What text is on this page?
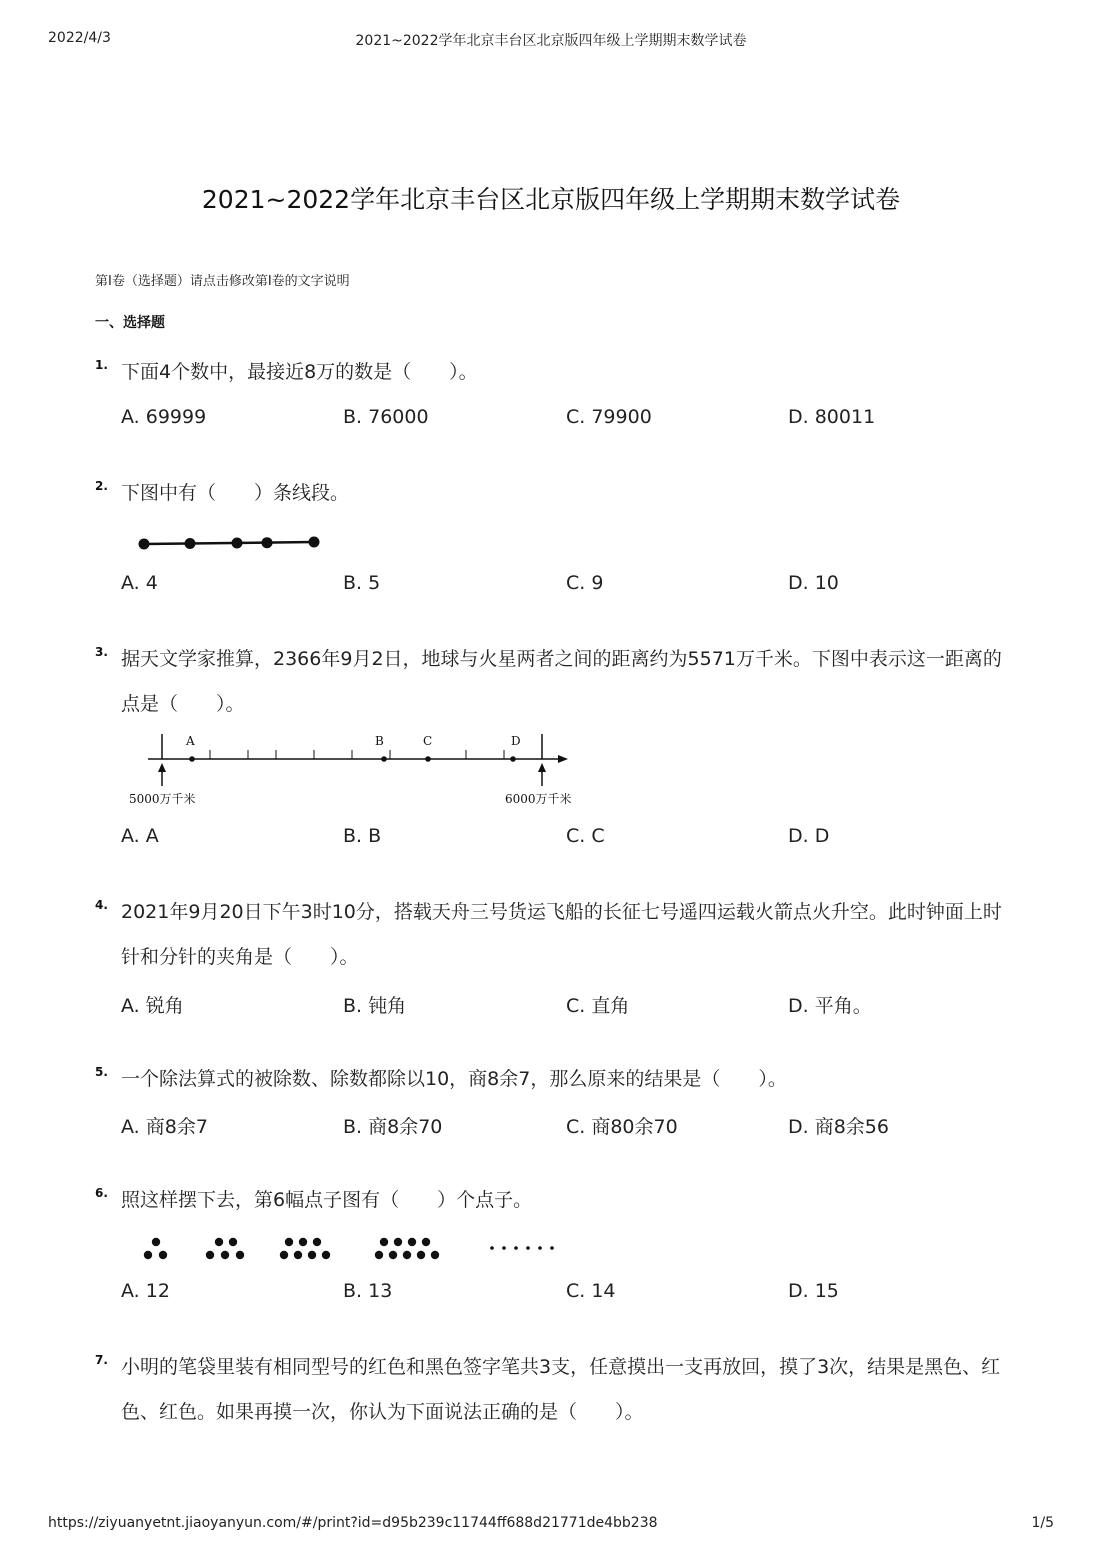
2022/4/3	2021~2022学年北京丰台区北京版四年级上学期期末数学试卷
2021~2022学年北京丰台区北京版四年级上学期期末数学试卷
第Ⅰ卷（选择题）请点击修改第Ⅰ卷的文字说明
一、选择题
1. 下面4个数中，最接近8万的数是（　　）。
A. 69999	B. 76000	C. 79900	D. 80011
2. 下图中有（　　）条线段。
A. 4	B. 5	C. 9	D. 10
3. 据天文学家推算，2366年9月2日，地球与火星两者之间的距离约为5571万千米。下图中表示这一距离的点是（　　）。
A	B	C	D
5000万千米	6000万千米
A. A	B. B	C. C	D. D
4. 2021年9月20日下午3时10分，搭载天舟三号货运飞船的长征七号遥四运载火箭点火升空。此时钟面上时针和分针的夹角是（　　）。
A. 锐角	B. 钝角	C. 直角	D. 平角。
5. 一个除法算式的被除数、除数都除以10，商8余7，那么原来的结果是（　　）。
A. 商8余7	B. 商8余70	C. 商80余70	D. 商8余56
6. 照这样摆下去，第6幅点子图有（　　）个点子。
A. 12	B. 13	C. 14	D. 15
7. 小明的笔袋里装有相同型号的红色和黑色签字笔共3支，任意摸出一支再放回，摸了3次，结果是黑色、红色、红色。如果再摸一次，你认为下面说法正确的是（　　）。
https://ziyuanyetnt.jiaoyanyun.com/#/print?id=d95b239c11744ff688d21771de4bb238	1/5
